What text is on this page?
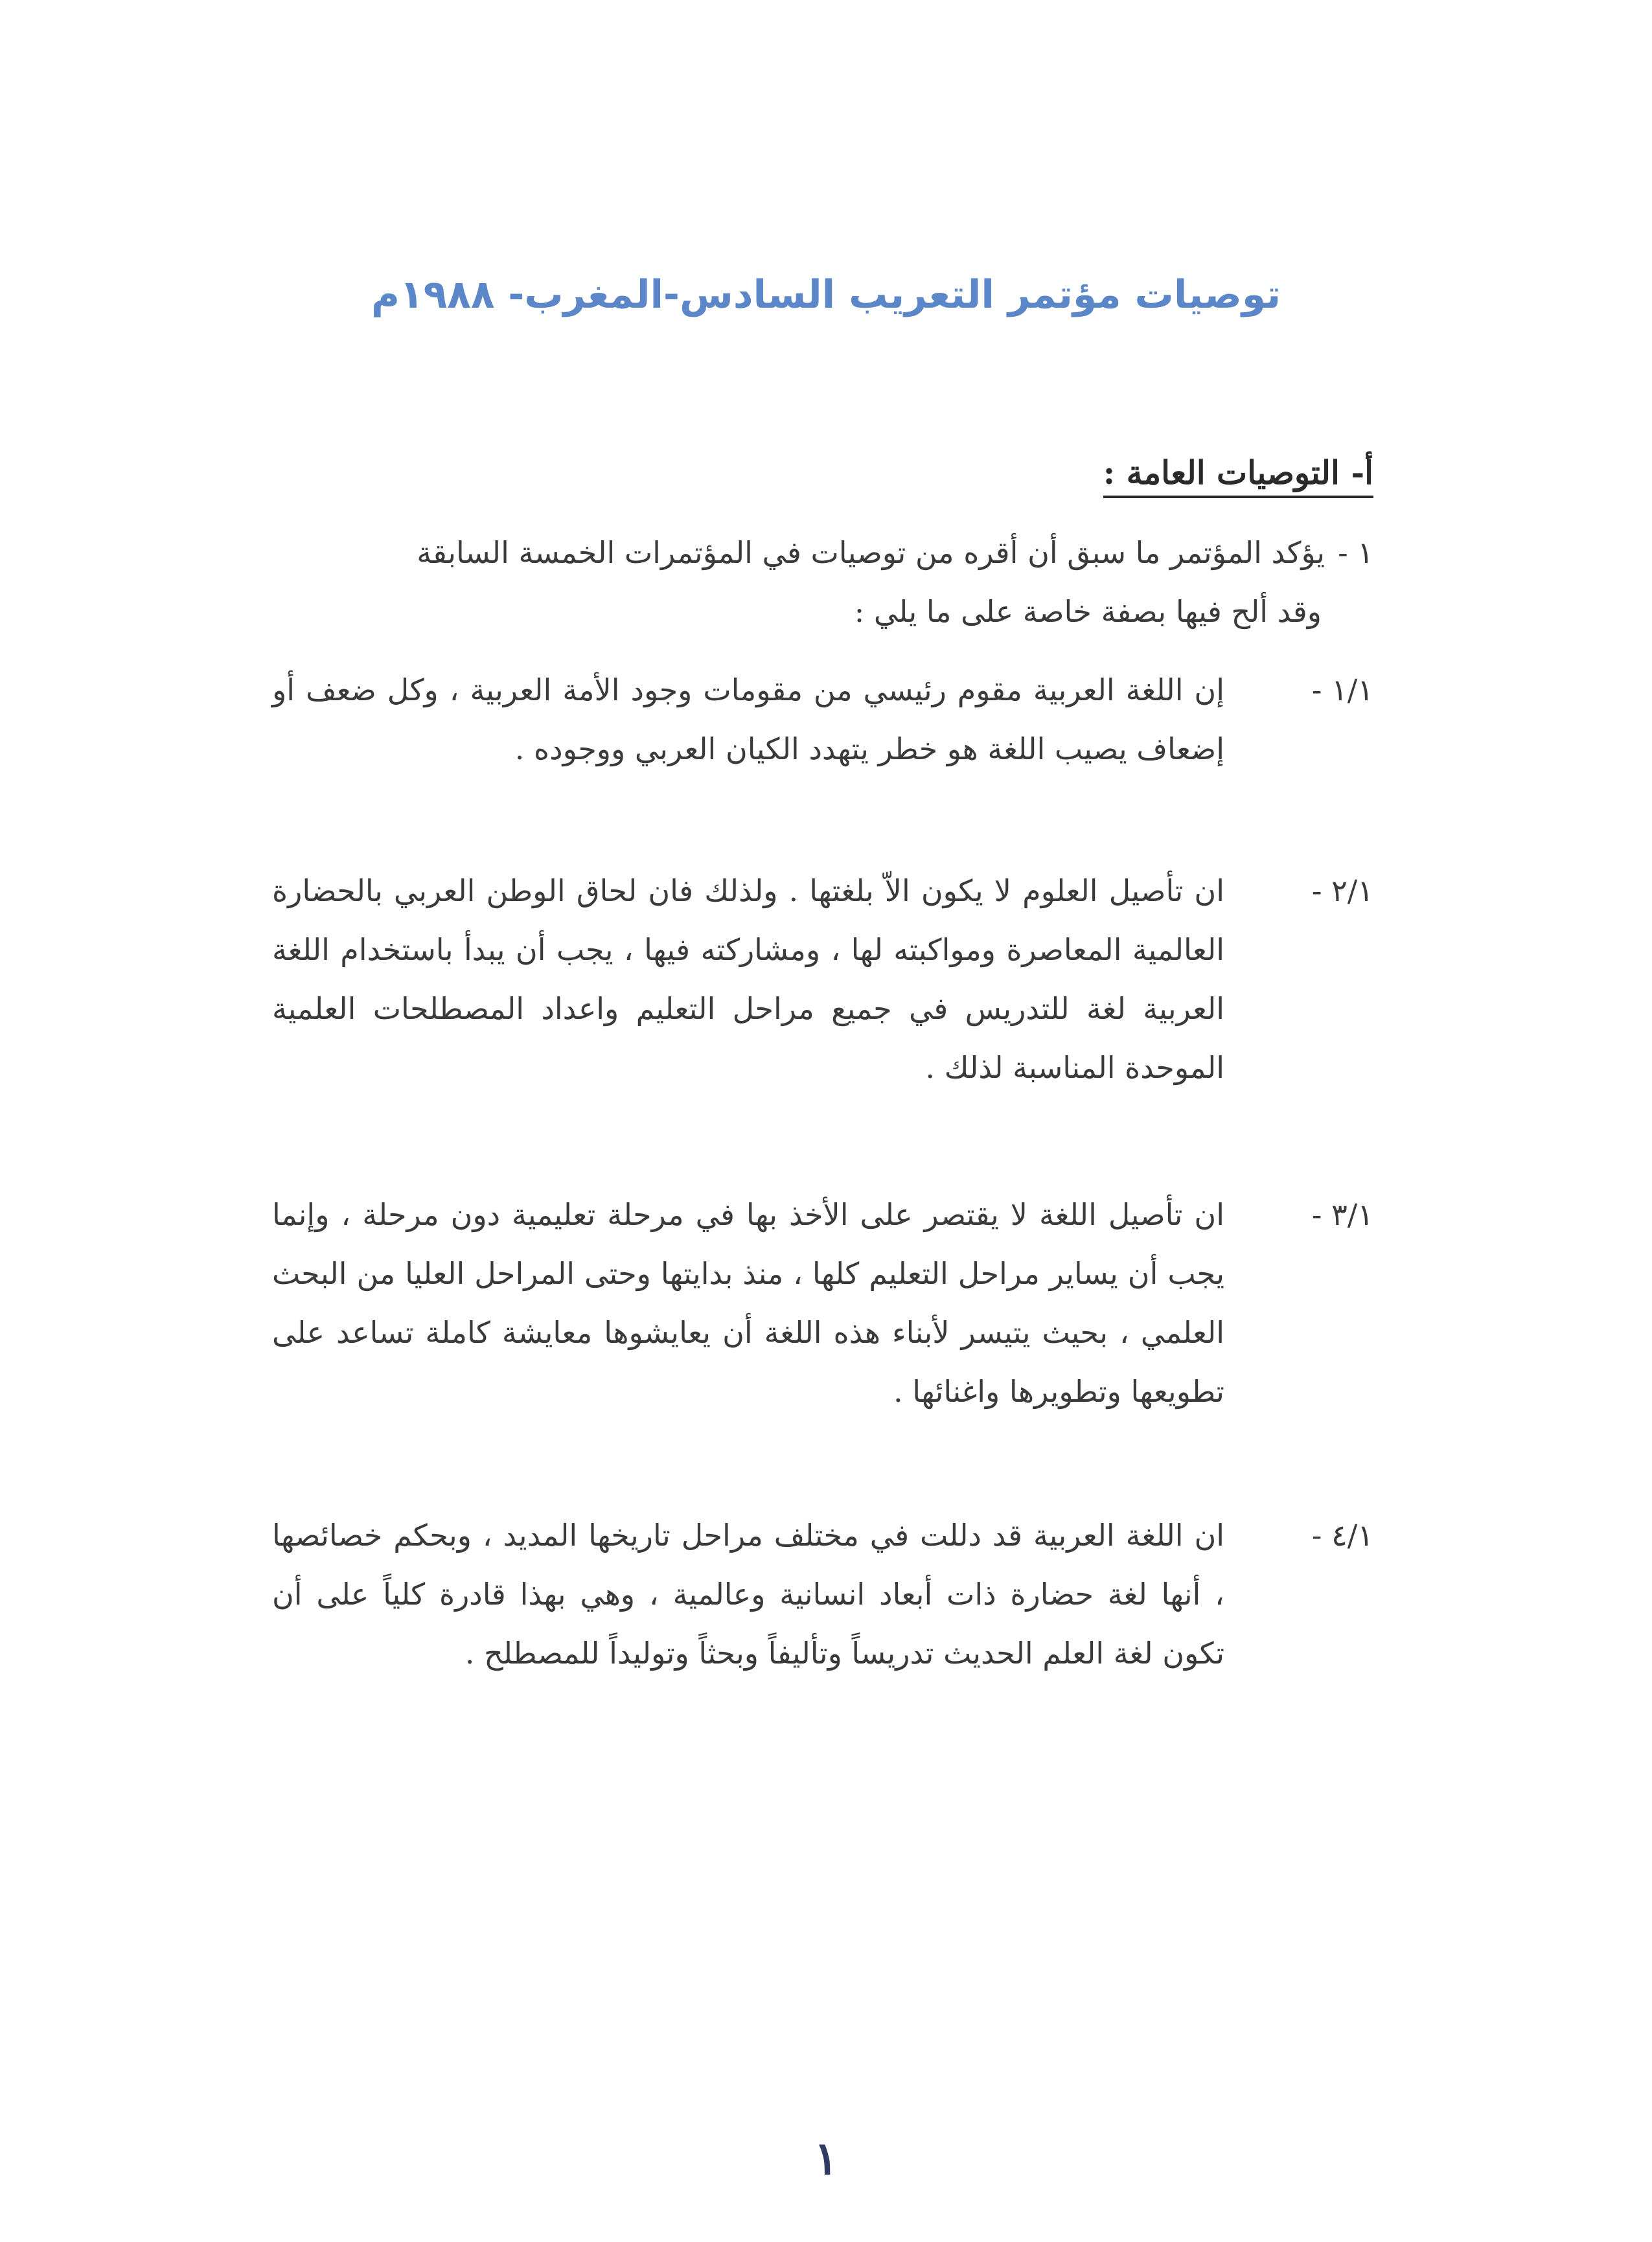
توصيات مؤتمر التعريب السادس-المغرب- ١٩٨٨م
أ- التوصيات العامة :
١ -يؤكد المؤتمر ما سبق أن أقره من توصيات في المؤتمرات الخمسة السابقة
وقد ألح فيها بصفة خاصة على ما يلي :
١/١ -
إن اللغة العربية مقوم رئيسي من مقومات وجود الأمة العربية ، وكل ضعف أو إضعاف يصيب اللغة هو خطر يتهدد الكيان العربي ووجوده .
٢/١ -
ان تأصيل العلوم لا يكون الاّ بلغتها . ولذلك فان لحاق الوطن العربي بالحضارة العالمية المعاصرة ومواكبته لها ، ومشاركته فيها ، يجب أن يبدأ باستخدام اللغة العربية لغة للتدريس في جميع مراحل التعليم واعداد المصطلحات العلمية الموحدة المناسبة لذلك .
٣/١ -
ان تأصيل اللغة لا يقتصر على الأخذ بها في مرحلة تعليمية دون مرحلة ، وإنما يجب أن يساير مراحل التعليم كلها ، منذ بدايتها وحتى المراحل العليا من البحث العلمي ، بحيث يتيسر لأبناء هذه اللغة أن يعايشوها معايشة كاملة تساعد على تطويعها وتطويرها واغنائها .
٤/١ -
ان اللغة العربية قد دللت في مختلف مراحل تاريخها المديد ، وبحكم خصائصها ، أنها لغة حضارة ذات أبعاد انسانية وعالمية ، وهي بهذا قادرة كلياً على أن تكون لغة العلم الحديث تدريساً وتأليفاً وبحثاً وتوليداً للمصطلح .
١
